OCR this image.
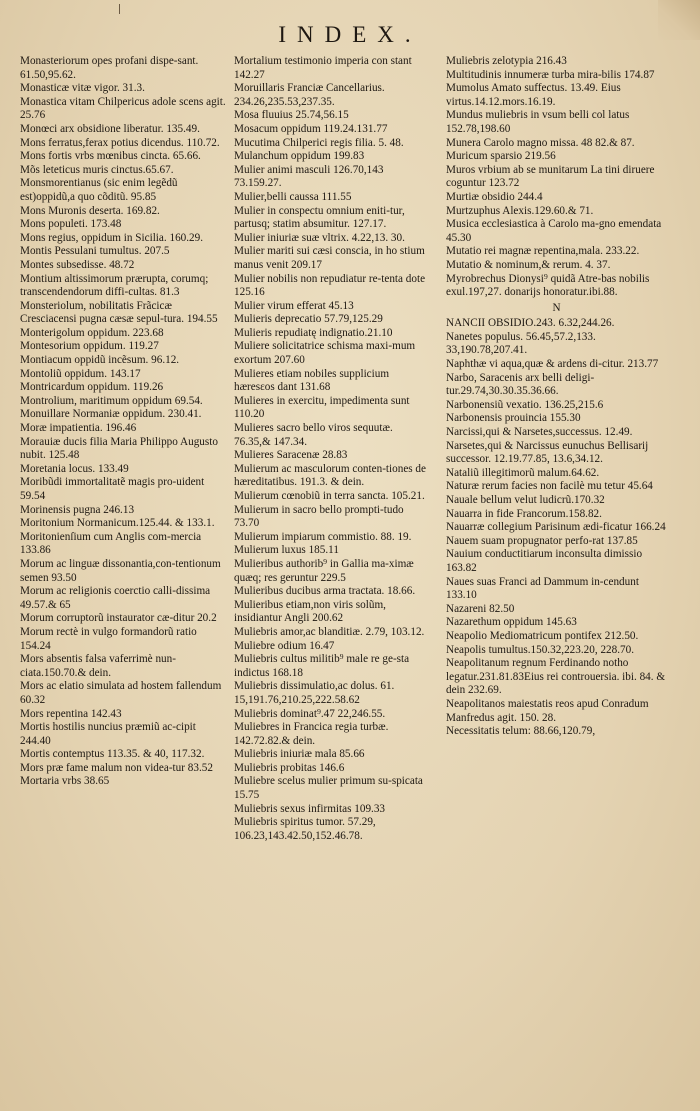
INDEX.

Monasteriorum opes profani dispe-sant. 61.50,95.62.

Monasticæ vitæ vigor. 31.3.

Monastica vitam Chilpericus adole scens agit. 25.76

Monœci arx obsidione liberatur. 135.49.

Mons ferratus,ferax potius dicendus. 110.72.

Mons fortis vrbs mœnibus cincta. 65.66.

Mõs leteticus muris cinctus.65.67.

Monsmorentianus (sic enim legẽdũ est)oppidũ,a quo cõditũ. 95.85

Mons Muronis deserta. 169.82.

Mons populeti. 173.48

Mons regius, oppidum in Sicilia. 160.29.

Montis Pessulani tumultus. 207.5

Montes subsedisse. 48.72

Montium altissimorum prærupta, corumq; transcendendorum diffi-cultas. 81.3

Monsteriolum, nobilitatis Frãcicæ Cresciacensi pugna cæsæ sepul-tura. 194.55

Monterigolum oppidum. 223.68

Montesorium oppidum. 119.27

Montiacum oppidũ incẽsum. 96.12.

Montoliũ oppidum. 143.17

Montricardum oppidum. 119.26

Montrolium, maritimum oppidum 69.54.

Monuillare Normaniæ oppidum. 230.41.

Moræ impatientia. 196.46

Morauiæ ducis filia Maria Philippo Augusto nubit. 125.48

Moretania locus. 133.49

Moribũdi immortalitatẽ magis pro-uident 59.54

Morinensis pugna 246.13

Moritonium Normanicum.125.44. & 133.1.

Moritonienſium cum Anglis com-mercia 133.86

Morum ac linguæ dissonantia,con-tentionum semen 93.50

Morum ac religionis coerctio calli-dissima 49.57.& 65

Morum corruptorũ instaurator cæ-ditur 20.2

Morum rectè in vulgo formandorũ ratio 154.24

Mors absentis falsa vaferrimè nun-ciata.150.70.& dein.

Mors ac elatio simulata ad hostem fallendum 60.32

Mors repentina 142.43

Mortis hostilis nuncius præmiũ ac-cipit 244.40

Mortis contemptus 113.35. & 40, 117.32.

Mors præ fame malum non videa-tur 83.52

Mortaria vrbs 38.65

Mortalium testimonio imperia con stant 142.27

Moruillaris Franciæ Cancellarius. 234.26,235.53,237.35.

Mosa fluuius 25.74,56.15

Mosacum oppidum 119.24.131.77

Mucutima Chilperici regis filia. 5. 48.

Mulanchum oppidum 199.83

Mulier animi masculi 126.70,143 73.159.27.

Mulier,belli caussa 111.55

Mulier in conspectu omnium eniti-tur, partusq; statim absumitur. 127.17.

Mulier iniuriæ suæ vltrix. 4.22,13. 30.

Mulier mariti sui cæsi conscia, in ho stium manus venit 209.17

Mulier nobilis non repudiatur re-tenta dote 125.16

Mulier virum efferat 45.13

Mulieris deprecatio 57.79,125.29

Mulieris repudiatę indignatio.21.10

Muliere solicitatrice schisma maxi-mum exortum 207.60

Mulieres etiam nobiles supplicium hæresεos dant 131.68

Mulieres in exercitu, impedimenta sunt 110.20

Mulieres sacro bello viros sequutæ. 76.35,& 147.34.

Mulieres Saracenæ 28.83

Mulierum ac masculorum conten-tiones de hæreditatibus. 191.3. & dein.

Mulierum cœnobiũ in terra sancta. 105.21.

Mulierum in sacro bello prompti-tudo 73.70

Mulierum impiarum commistio. 88. 19.

Mulierum luxus 185.11

Mulieribus authorib⁹ in Gallia ma-ximæ quæq; res geruntur 229.5

Mulieribus ducibus arma tractata. 18.66.

Mulieribus etiam,non viris solũm, insidiantur Angli 200.62

Muliebris amor,ac blanditiæ. 2.79, 103.12.

Muliebre odium 16.47

Muliebris cultus militib⁹ male re ge-sta indictus 168.18

Muliebris dissimulatio,ac dolus. 61. 15,191.76,210.25,222.58.62

Muliebris dominat⁹.47 22,246.55.

Muliebres in Francica regia turbæ. 142.72.82.& dein.

Muliebris iniuriæ mala 85.66

Muliebris probitas 146.6

Muliebre scelus mulier primum su-spicata 15.75

Muliebris sexus infirmitas 109.33

Muliebris spiritus tumor. 57.29, 106.23,143.42.50,152.46.78.

Muliebris zelotypia 216.43

Multitudinis innumeræ turba mira-bilis 174.87

Mumolus Amato suffectus. 13.49. Eius virtus.14.12.mors.16.19.

Mundus muliebris in vsum belli col latus 152.78,198.60

Munera Carolo magno missa. 48 82.& 87.

Muricum sparsio 219.56

Muros vrbium ab se munitarum La tini diruere coguntur 123.72

Murtiæ obsidio 244.4

Murtzuphus Alexis.129.60.& 71.

Musica ecclesiastica à Carolo ma-gno emendata 45.30

Mutatio rei magnæ repentina,mala. 233.22.

Mutatio & nominum,& rerum. 4. 37.

Myrobrechus Dionysi⁹ quidã Atre-bas nobilis exul.197,27. donarijs honoratur.ibi.88.

N

NANCII OBSIDIO.243. 6.32,244.26.

Nanetes populus. 56.45,57.2,133. 33,190.78,207.41.

Naphthæ vi aqua,quæ & ardens di-citur. 213.77

Narbo, Saracenis arx belli deligi-tur.29.74,30.30.35.36.66.

Narbonensiũ vexatio. 136.25,215.6

Narbonensis prouincia 155.30

Narcissi,qui & Narsetes,successus. 12.49.

Narsetes,qui & Narcissus eunuchus Bellisarij successor. 12.19.77.85, 13.6,34.12.

Nataliũ illegitimorũ malum.64.62.

Naturæ rerum facies non facilè mu tetur 45.64

Nauale bellum velut ludicrũ.170.32

Nauarra in fide Francorum.158.82.

Nauarræ collegium Parisinum ædi-ficatur 166.24

Nauem suam propugnator perfo-rat 137.85

Nauium conductitiarum inconsulta dimissio 163.82

Naues suas Franci ad Dammum in-cendunt 133.10

Nazareni 82.50

Nazarethum oppidum 145.63

Neapolio Mediomatricum pontifex 212.50.

Neapolis tumultus.150.32,223.20, 228.70.

Neapolitanum regnum Ferdinando notho legatur.231.81.83Eius rei controuersia. ibi. 84. & dein 232.69.

Neapolitanos maiestatis reos apud Conradum Manfredus agit. 150. 28.

Necessitatis telum: 88.66,120.79,
